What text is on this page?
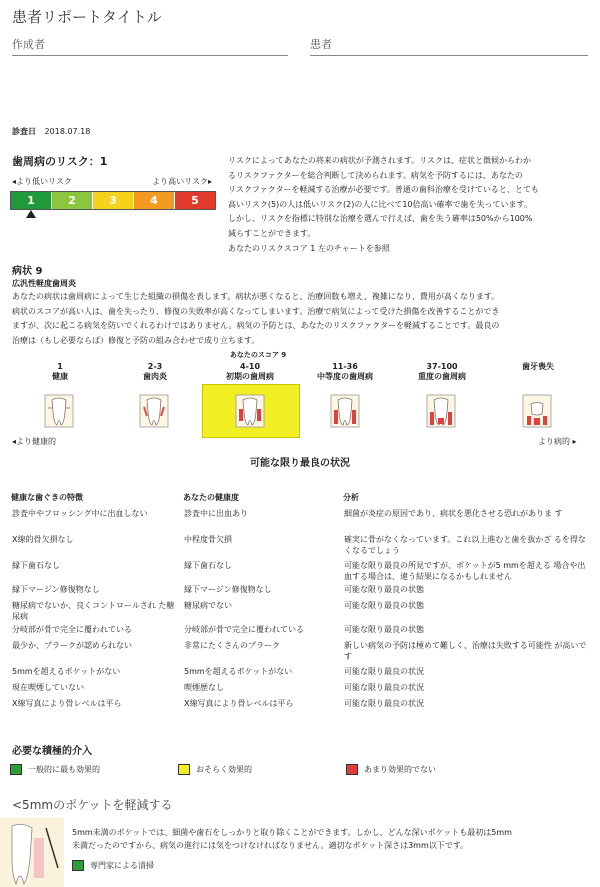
患者リポートタイトル
作成者	患者
診査日 2018.07.18
歯周病のリスク：1
◂より低いリスク	より高いリスク▸
1	2	3	4	5
リスクによってあなたの将来の病状が予測されます。リスクは、症状と徴候からわか
るリスクファクターを総合判断して決められます。病気を予防するには、あなたの
リスクファクターを軽減する治療が必要です。普通の歯科治療を受けていると、とても
高いリスク(5)の人は低いリスク(2)の人に比べて10倍高い確率で歯を失っています。
しかし、リスクを指標に特別な治療を選んで行えば、歯を失う確率は50%から100%
減らすことができます。
あなたのリスクスコア 1 左のチャートを参照
病状 9
広汎性軽度歯周炎
あなたの病状は歯周病によって生じた組織の損傷を表します。病状が悪くなると、治療回数も増え、複雑になり、費用が高くなります。
病状のスコアが高い人は、歯を失ったり、修復の失敗率が高くなってしまいます。治療で病気によって受けた損傷を改善することができ
ますが、次に起こる病気を防いでくれるわけではありません。病気の予防とは、あなたのリスクファクターを軽減することです。最良の
治療は（もし必要ならば）修復と予防の組み合わせで成り立ちます。
あなたのスコア 9
1
健康
2-3
歯肉炎
4-10
初期の歯周病
11-36
中等度の歯周病
37-100
重度の歯周病
歯牙喪失
◂より健康的	より病的 ▸
可能な限り最良の状況
健康な歯ぐきの特徴	あなたの健康度	分析
診査中やフロッシング中に出血しない	診査中に出血あり	細菌が炎症の原因であり、病状を悪化させる恐れがありま す
X線的骨欠損なし	中程度骨欠損	確実に骨がなくなっています。これ以上進むと歯を抜かざ るを得なくなるでしょう
縁下歯石なし	縁下歯石なし	可能な限り最良の所見ですが、ポケットが5 mmを超える 場合や出血する場合は、違う結果になるかもしれません
縁下マージン修復物なし	縁下マージン修復物なし	可能な限り最良の状態
糖尿病でないか、良くコントロールされ た糖尿病	糖尿病でない	可能な限り最良の状態
分岐部が骨で完全に覆われている	分岐部が骨で完全に覆われている	可能な限り最良の状態
最少か、プラークが認められない	非常にたくさんのプラーク	新しい病気の予防は極めて難しく、治療は失敗する可能性 が高いです
5mmを超えるポケットがない	5mmを超えるポケットがない	可能な限り最良の状況
現在喫煙していない	喫煙歴なし	可能な限り最良の状況
X線写真により骨レベルは平ら	X線写真により骨レベルは平ら	可能な限り最良の状況
必要な積極的介入
一般的に最も効果的	おそらく効果的	あまり効果的でない
<5mmのポケットを軽減する
5mm未満のポケットでは、細菌や歯石をしっかりと取り除くことができます。しかし、どんな深いポケットも最初は5mm
未満だったのですから、病気の進行には気をつけなければなりません。適切なポケット深さは3mm以下です。
専門家による清掃
